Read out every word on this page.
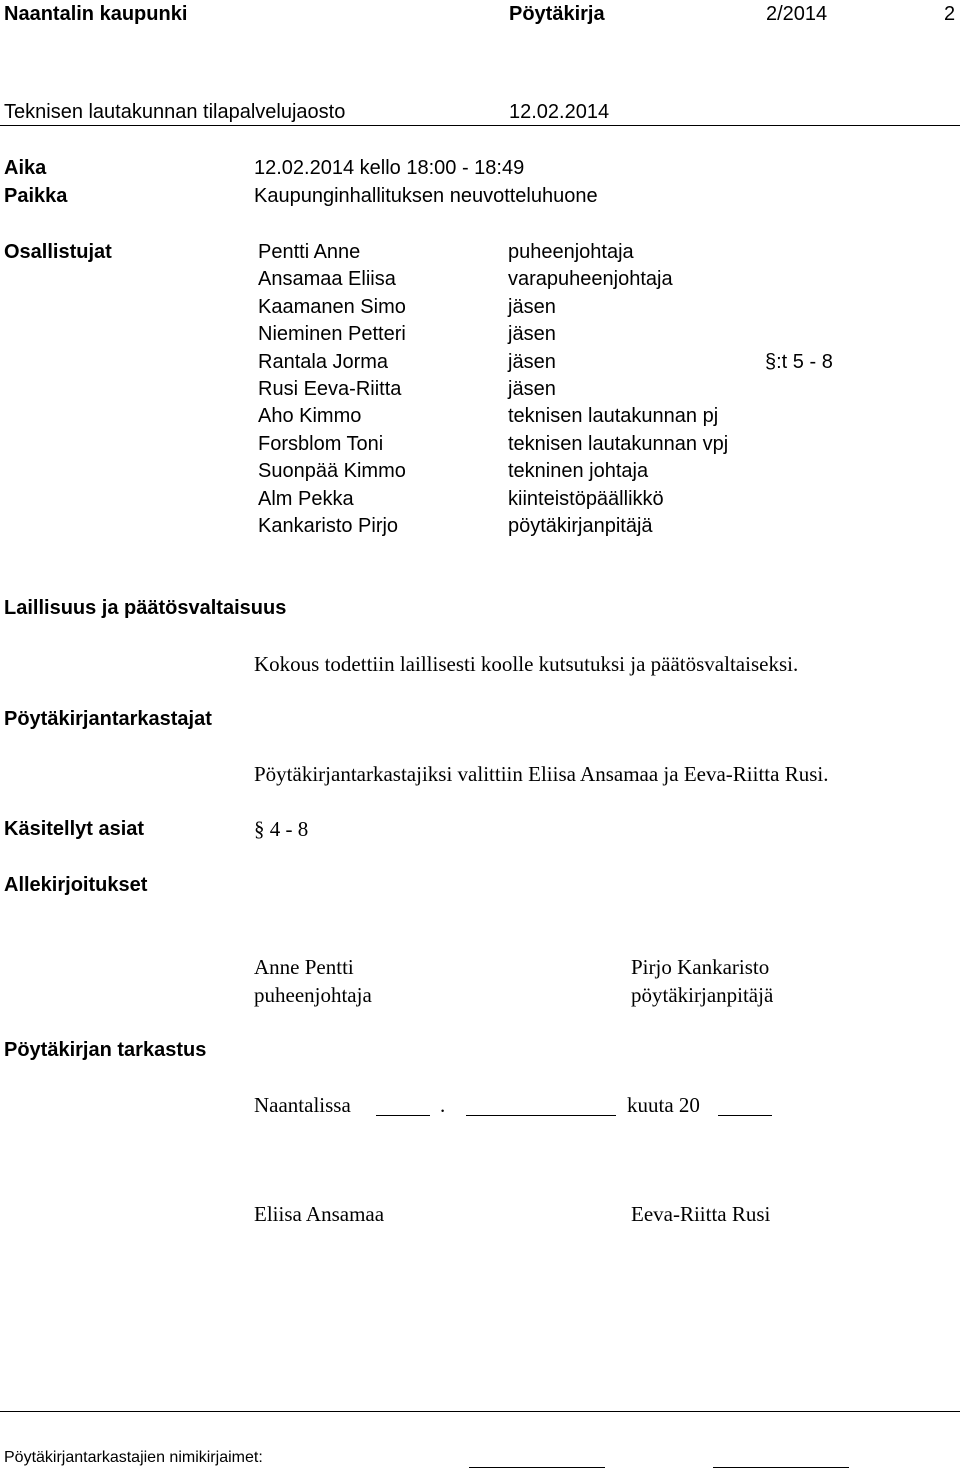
Naantalin kaupunki	Pöytäkirja	2/2014	2
Teknisen lautakunnan tilapalvelujaosto	12.02.2014
Aika	12.02.2014 kello 18:00 - 18:49
Paikka	Kaupunginhallituksen neuvotteluhuone
Osallistujat	Pentti Anne	puheenjohtaja
Ansamaa Eliisa	varapuheenjohtaja
Kaamanen Simo	jäsen
Nieminen Petteri	jäsen
Rantala Jorma	jäsen	§:t 5 - 8
Rusi Eeva-Riitta	jäsen
Aho Kimmo	teknisen lautakunnan pj
Forsblom Toni	teknisen lautakunnan vpj
Suonpää Kimmo	tekninen johtaja
Alm Pekka	kiinteistöpäällikkö
Kankaristo Pirjo	pöytäkirjanpitäjä
Laillisuus ja päätösvaltaisuus
Kokous todettiin laillisesti koolle kutsutuksi ja päätösvaltaiseksi.
Pöytäkirjantarkastajat
Pöytäkirjantarkastajiksi valittiin Eliisa Ansamaa ja Eeva-Riitta Rusi.
Käsitellyt asiat	§ 4 - 8
Allekirjoitukset
Anne Pentti
puheenjohtaja
Pirjo Kankaristo
pöytäkirjanpitäjä
Pöytäkirjan tarkastus
Naantalissa	.	kuuta 20
Eliisa Ansamaa	Eeva-Riitta Rusi
Pöytäkirjantarkastajien nimikirjaimet:
